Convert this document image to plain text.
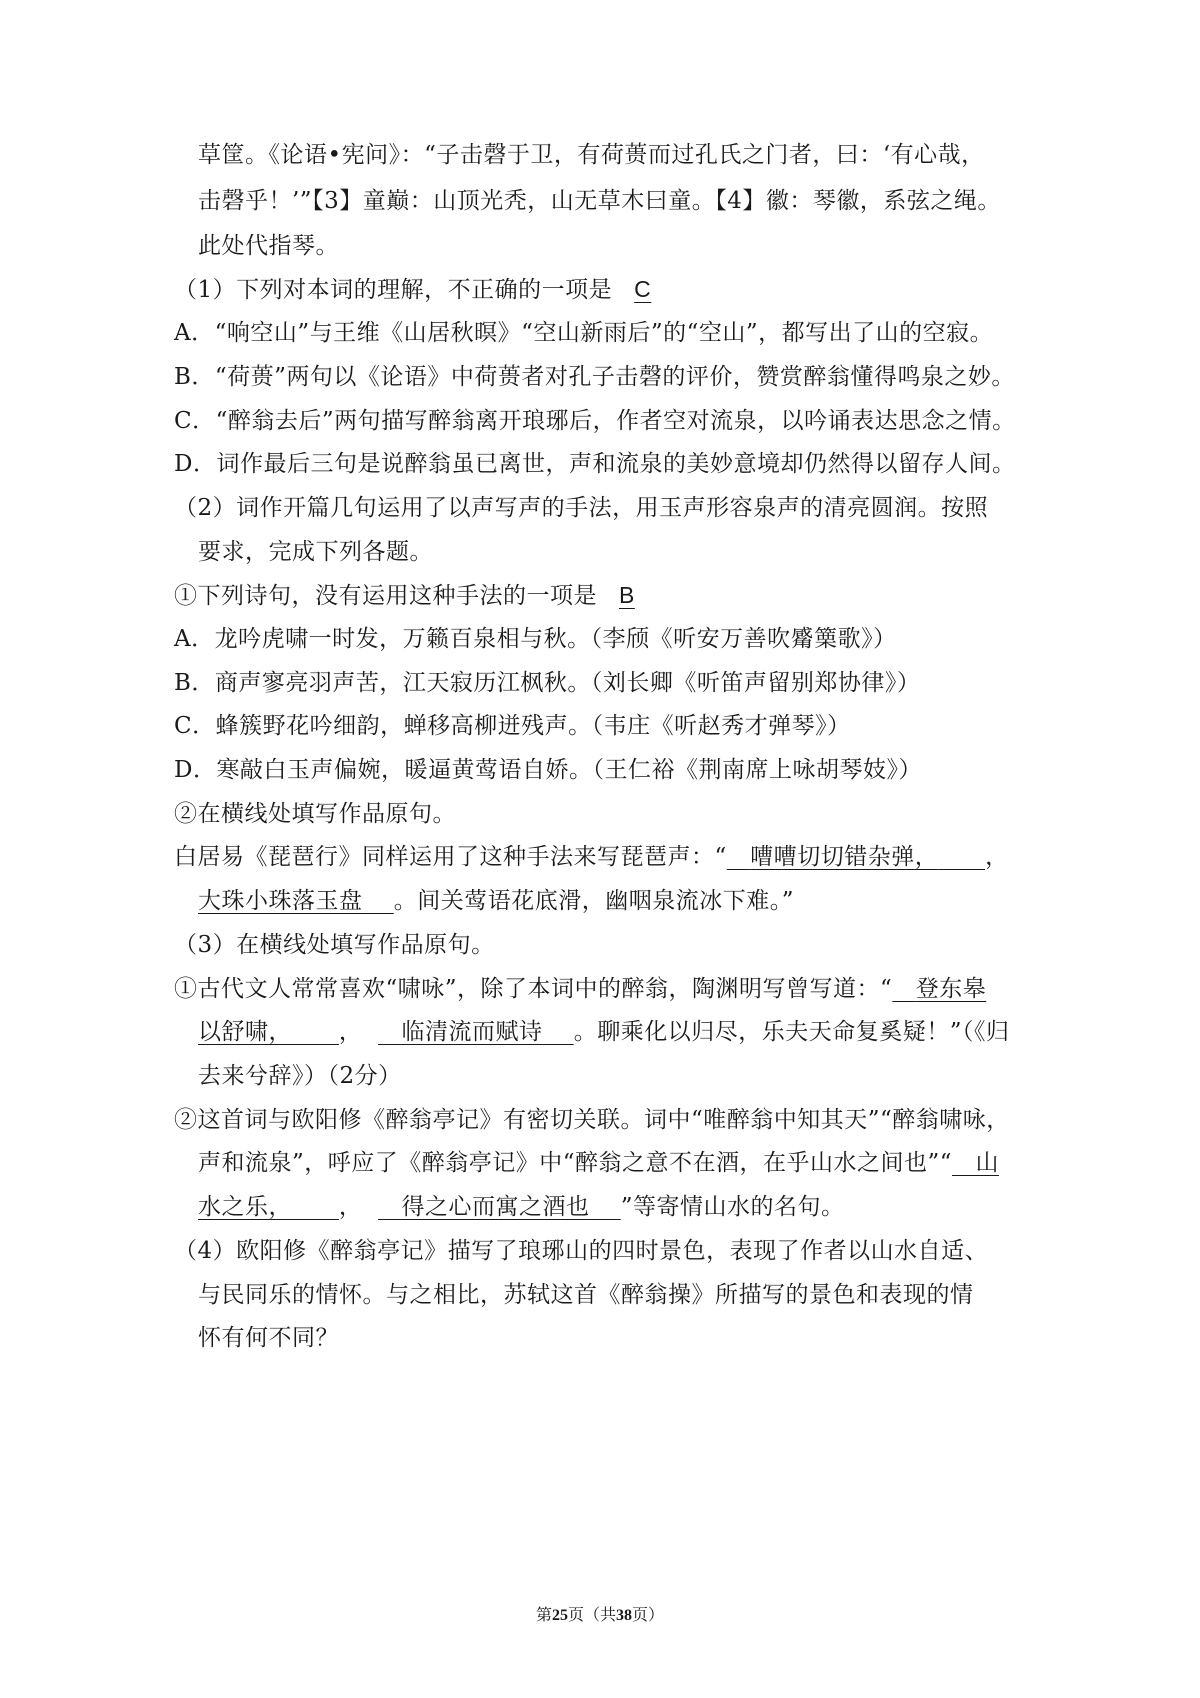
草筐。《论语•宪问》：“子击磬于卫，有荷蒉而过孔氏之门者，曰：‘有心哉，
击磬乎！’”【3】童巅：山顶光秃，山无草木曰童。【4】徽：琴徽，系弦之绳。
此处代指琴。
（1）下列对本词的理解，不正确的一项是 C
A．“响空山”与王维《山居秋暝》“空山新雨后”的“空山”，都写出了山的空寂。
B．“荷蒉”两句以《论语》中荷蒉者对孔子击磬的评价，赞赏醉翁懂得鸣泉之妙。
C．“醉翁去后”两句描写醉翁离开琅琊后，作者空对流泉，以吟诵表达思念之情。
D．词作最后三句是说醉翁虽已离世，声和流泉的美妙意境却仍然得以留存人间。
（2）词作开篇几句运用了以声写声的手法，用玉声形容泉声的清亮圆润。按照
要求，完成下列各题。
①下列诗句，没有运用这种手法的一项是 B
A．龙吟虎啸一时发，万籁百泉相与秋。（李颀《听安万善吹觱篥歌》）
B．商声寥亮羽声苦，江天寂历江枫秋。（刘长卿《听笛声留别郑协律》）
C．蜂簇野花吟细韵，蝉移高柳迸残声。（韦庄《听赵秀才弹琴》）
D．寒敲白玉声偏婉，暖逼黄莺语自娇。（王仁裕《荆南席上咏胡琴妓》）
②在横线处填写作品原句。
白居易《琵琶行》同样运用了这种手法来写琵琶声：“ 嘈嘈切切错杂弹， ，
大珠小珠落玉盘 。间关莺语花底滑，幽咽泉流冰下难。”
（3）在横线处填写作品原句。
①古代文人常常喜欢“啸咏”，除了本词中的醉翁，陶渊明写曾写道：“ 登东皋
以舒啸， ， 临清流而赋诗 。聊乘化以归尽，乐夫天命复奚疑！”（《归
去来兮辞》）（2分）
②这首词与欧阳修《醉翁亭记》有密切关联。词中“唯醉翁中知其天”“醉翁啸咏，
声和流泉”，呼应了《醉翁亭记》中“醉翁之意不在酒，在乎山水之间也”“ 山
水之乐， ， 得之心而寓之酒也 ”等寄情山水的名句。
（4）欧阳修《醉翁亭记》描写了琅琊山的四时景色，表现了作者以山水自适、
与民同乐的情怀。与之相比，苏轼这首《醉翁操》所描写的景色和表现的情
怀有何不同？
第25页（共38页）
